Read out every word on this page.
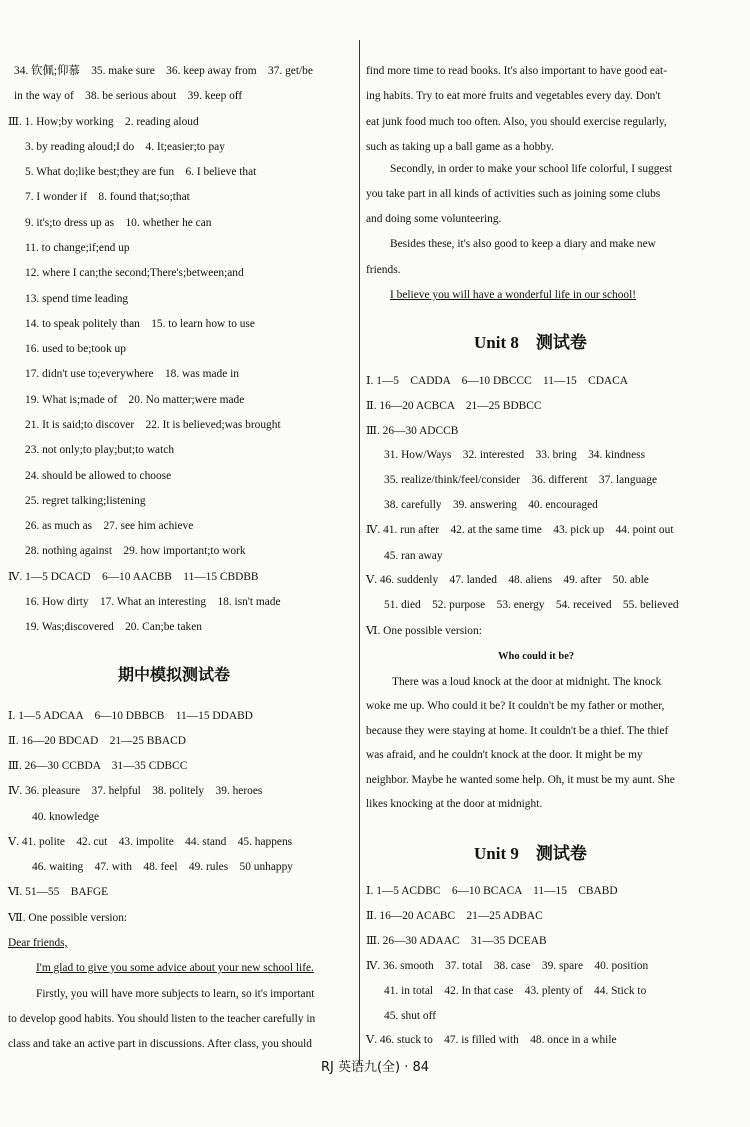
34. 钦佩;仰慕　35. make sure　36. keep away from　37. get/be
in the way of　38. be serious about　39. keep off
Ⅲ. 1. How;by working　2. reading aloud
3. by reading aloud;I do　4. It;easier;to pay
5. What do;like best;they are fun　6. I believe that
7. I wonder if　8. found that;so;that
9. it's;to dress up as　10. whether he can
11. to change;if;end up
12. where I can;the second;There's;between;and
13. spend time leading
14. to speak politely than　15. to learn how to use
16. used to be;took up
17. didn't use to;everywhere　18. was made in
19. What is;made of　20. No matter;were made
21. It is said;to discover　22. It is believed;was brought
23. not only;to play;but;to watch
24. should be allowed to choose
25. regret talking;listening
26. as much as　27. see him achieve
28. nothing against　29. how important;to work
Ⅳ. 1—5 DCACD　6—10 AACBB　11—15 CBDBB
16. How dirty　17. What an interesting　18. isn't made
19. Was;discovered　20. Can;be taken
期中模拟测试卷
Ⅰ. 1—5 ADCAA　6—10 DBBCB　11—15 DDABD
Ⅱ. 16—20 BDCAD　21—25 BBACD
Ⅲ. 26—30 CCBDA　31—35 CDBCC
Ⅳ. 36. pleasure　37. helpful　38. politely　39. heroes
40. knowledge
Ⅴ. 41. polite　42. cut　43. impolite　44. stand　45. happens
46. waiting　47. with　48. feel　49. rules　50 unhappy
Ⅵ. 51—55　BAFGE
Ⅶ. One possible version:
Dear friends,
I'm glad to give you some advice about your new school life.
Firstly, you will have more subjects to learn, so it's important
to develop good habits. You should listen to the teacher carefully in
class and take an active part in discussions. After class, you should
find more time to read books. It's also important to have good eat-
ing habits. Try to eat more fruits and vegetables every day. Don't
eat junk food much too often. Also, you should exercise regularly,
such as taking up a ball game as a hobby.
Secondly, in order to make your school life colorful, I suggest
you take part in all kinds of activities such as joining some clubs
and doing some volunteering.
Besides these, it's also good to keep a diary and make new
friends.
I believe you will have a wonderful life in our school!
Unit 8　测试卷
Ⅰ. 1—5　CADDA　6—10 DBCCC　11—15　CDACA
Ⅱ. 16—20 ACBCA　21—25 BDBCC
Ⅲ. 26—30 ADCCB
31. How/Ways　32. interested　33. bring　34. kindness
35. realize/think/feel/consider　36. different　37. language
38. carefully　39. answering　40. encouraged
Ⅳ. 41. run after　42. at the same time　43. pick up　44. point out
45. ran away
Ⅴ. 46. suddenly　47. landed　48. aliens　49. after　50. able
51. died　52. purpose　53. energy　54. received　55. believed
Ⅵ. One possible version:
Who could it be?
There was a loud knock at the door at midnight. The knock
woke me up. Who could it be? It couldn't be my father or mother,
because they were staying at home. It couldn't be a thief. The thief
was afraid, and he couldn't knock at the door. It might be my
neighbor. Maybe he wanted some help. Oh, it must be my aunt. She
likes knocking at the door at midnight.
Unit 9　测试卷
Ⅰ. 1—5 ACDBC　6—10 BCACA　11—15　CBABD
Ⅱ. 16—20 ACABC　21—25 ADBAC
Ⅲ. 26—30 ADAAC　31—35 DCEAB
Ⅳ. 36. smooth　37. total　38. case　39. spare　40. position
41. in total　42. In that case　43. plenty of　44. Stick to
45. shut off
Ⅴ. 46. stuck to　47. is filled with　48. once in a while
RJ 英语九(全) · 84
